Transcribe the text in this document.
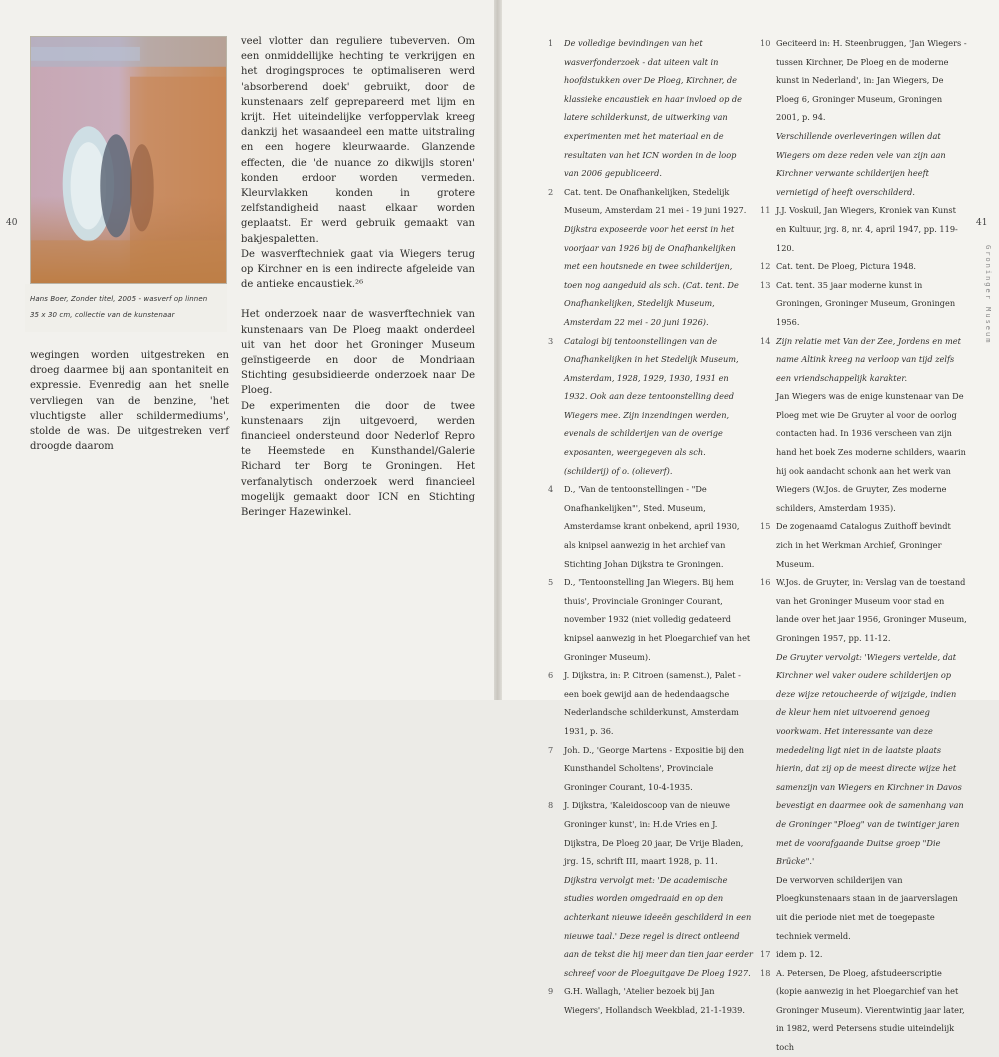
40	41
Hans Boer, Zonder titel, 2005 - wasverf op linnen
35 x 30 cm, collectie van de kunstenaar

veel vlotter dan reguliere tubeverven. Om een onmiddellijke hechting te verkrijgen en het drogingsproces te optimaliseren werd 'absorberend doek' gebruikt, door de kunstenaars zelf geprepareerd met lijm en krijt. Het uiteindelijke verfoppervlak kreeg dankzij het wasaandeel een matte uitstraling en een hogere kleurwaarde. Glanzende effecten, die 'de nuance zo dikwijls storen' konden erdoor worden vermeden. Kleurvlakken konden in grotere zelfstandigheid naast elkaar worden geplaatst. Er werd gebruik gemaakt van bakjespaletten.

De wasverftechniek gaat via Wiegers terug op Kirchner en is een indirecte afgeleide van de antieke encaustiek.²⁶

Het onderzoek naar de wasverftechniek van kunstenaars van De Ploeg maakt onderdeel uit van het door het Groninger Museum geïnstigeerde en door de Mondriaan Stichting gesubsidieerde onderzoek naar De Ploeg.

De experimenten die door de twee kunstenaars zijn uitgevoerd, werden financieel ondersteund door Nederlof Repro te Heemstede en Kunsthandel/Galerie Richard ter Borg te Groningen. Het verfanalytisch onderzoek werd financieel mogelijk gemaakt door ICN en Stichting Beringer Hazewinkel.

wegingen worden uitgestreken en droeg daarmee bij aan spontaniteit en expressie. Evenredig aan het snelle vervliegen van de benzine, 'het vluchtigste aller schildermediums', stolde de was. De uitgestreken verf droogde daarom
1	De volledige bevindingen van het wasverfonderzoek - dat uiteen valt in hoofdstukken over De Ploeg, Kirchner, de klassieke encaustiek en haar invloed op de latere schilderkunst, de uitwerking van experimenten met het materiaal en de resultaten van het ICN worden in de loop van 2006 gepubliceerd.
2	Cat. tent. De Onafhankelijken, Stedelijk Museum, Amsterdam 21 mei - 19 juni 1927.
Dijkstra exposeerde voor het eerst in het voorjaar van 1926 bij de Onafhankelijken met een houtsnede en twee schilderijen, toen nog aangeduid als sch. (Cat. tent. De Onafhankelijken, Stedelijk Museum, Amsterdam 22 mei - 20 juni 1926).
3	Catalogi bij tentoonstellingen van de Onafhankelijken in het Stedelijk Museum, Amsterdam, 1928, 1929, 1930, 1931 en 1932. Ook aan deze tentoonstelling deed Wiegers mee. Zijn inzendingen werden, evenals de schilderijen van de overige exposanten, weergegeven als sch. (schilderij) of o. (olieverf).
4	D., 'Van de tentoonstellingen - "De Onafhankelijken"', Sted. Museum, Amsterdamse krant onbekend, april 1930, als knipsel aanwezig in het archief van Stichting Johan Dijkstra te Groningen.
5	D., 'Tentoonstelling Jan Wiegers. Bij hem thuis', Provinciale Groninger Courant, november 1932 (niet volledig gedateerd knipsel aanwezig in het Ploegarchief van het Groninger Museum).
6	J. Dijkstra, in: P. Citroen (samenst.), Palet - een boek gewijd aan de hedendaagsche Nederlandsche schilderkunst, Amsterdam 1931, p. 36.
7	Joh. D., 'George Martens - Expositie bij den Kunsthandel Scholtens', Provinciale Groninger Courant, 10-4-1935.
8	J. Dijkstra, 'Kaleidoscoop van de nieuwe Groninger kunst', in: H.de Vries en J. Dijkstra, De Ploeg 20 jaar, De Vrije Bladen, jrg. 15, schrift III, maart 1928, p. 11.
Dijkstra vervolgt met: 'De academische studies worden omgedraaid en op den achterkant nieuwe ideeën geschilderd in een nieuwe taal.' Deze regel is direct ontleend aan de tekst die hij meer dan tien jaar eerder schreef voor de Ploeguitgave De Ploeg 1927.
9	G.H. Wallagh, 'Atelier bezoek bij Jan Wiegers', Hollandsch Weekblad, 21-1-1939.
10 Geciteerd in: H. Steenbruggen, 'Jan Wiegers - tussen Kirchner, De Ploeg en de moderne kunst in Nederland', in: Jan Wiegers, De Ploeg 6, Groninger Museum, Groningen 2001, p. 94.
Verschillende overleveringen willen dat Wiegers om deze reden vele van zijn aan Kirchner verwante schilderijen heeft vernietigd of heeft overschilderd.
11 J.J. Voskuil, Jan Wiegers, Kroniek van Kunst en Kultuur, jrg. 8, nr. 4, april 1947, pp. 119-120.
12 Cat. tent. De Ploeg, Pictura 1948.
13 Cat. tent. 35 jaar moderne kunst in Groningen, Groninger Museum, Groningen 1956.
14 Zijn relatie met Van der Zee, Jordens en met name Altink kreeg na verloop van tijd zelfs een vriendschappelijk karakter.
Jan Wiegers was de enige kunstenaar van De Ploeg met wie De Gruyter al voor de oorlog contacten had. In 1936 verscheen van zijn hand het boek Zes moderne schilders, waarin hij ook aandacht schonk aan het werk van Wiegers (W.Jos. de Gruyter, Zes moderne schilders, Amsterdam 1935).
15 De zogenaamd Catalogus Zuithoff bevindt zich in het Werkman Archief, Groninger Museum.
16 W.Jos. de Gruyter, in: Verslag van de toestand van het Groninger Museum voor stad en lande over het jaar 1956, Groninger Museum, Groningen 1957, pp. 11-12.
De Gruyter vervolgt: 'Wiegers vertelde, dat Kirchner wel vaker oudere schilderijen op deze wijze retoucheerde of wijzigde, indien de kleur hem niet uitvoerend genoeg voorkwam. Het interessante van deze mededeling ligt niet in de laatste plaats hierin, dat zij op de meest directe wijze het samenzijn van Wiegers en Kirchner in Davos bevestigt en daarmee ook de samenhang van de Groninger "Ploeg" van de twintiger jaren met de voorafgaande Duitse groep "Die Brücke".'
De verworven schilderijen van Ploegkunstenaars staan in de jaarverslagen uit die periode niet met de toegepaste techniek vermeld.
17 idem p. 12.
18 A. Petersen, De Ploeg, afstudeerscriptie (kopie aanwezig in het Ploegarchief van het Groninger Museum). Vierentwintig jaar later, in 1982, werd Petersens studie uiteindelijk toch
Groninger Museum
